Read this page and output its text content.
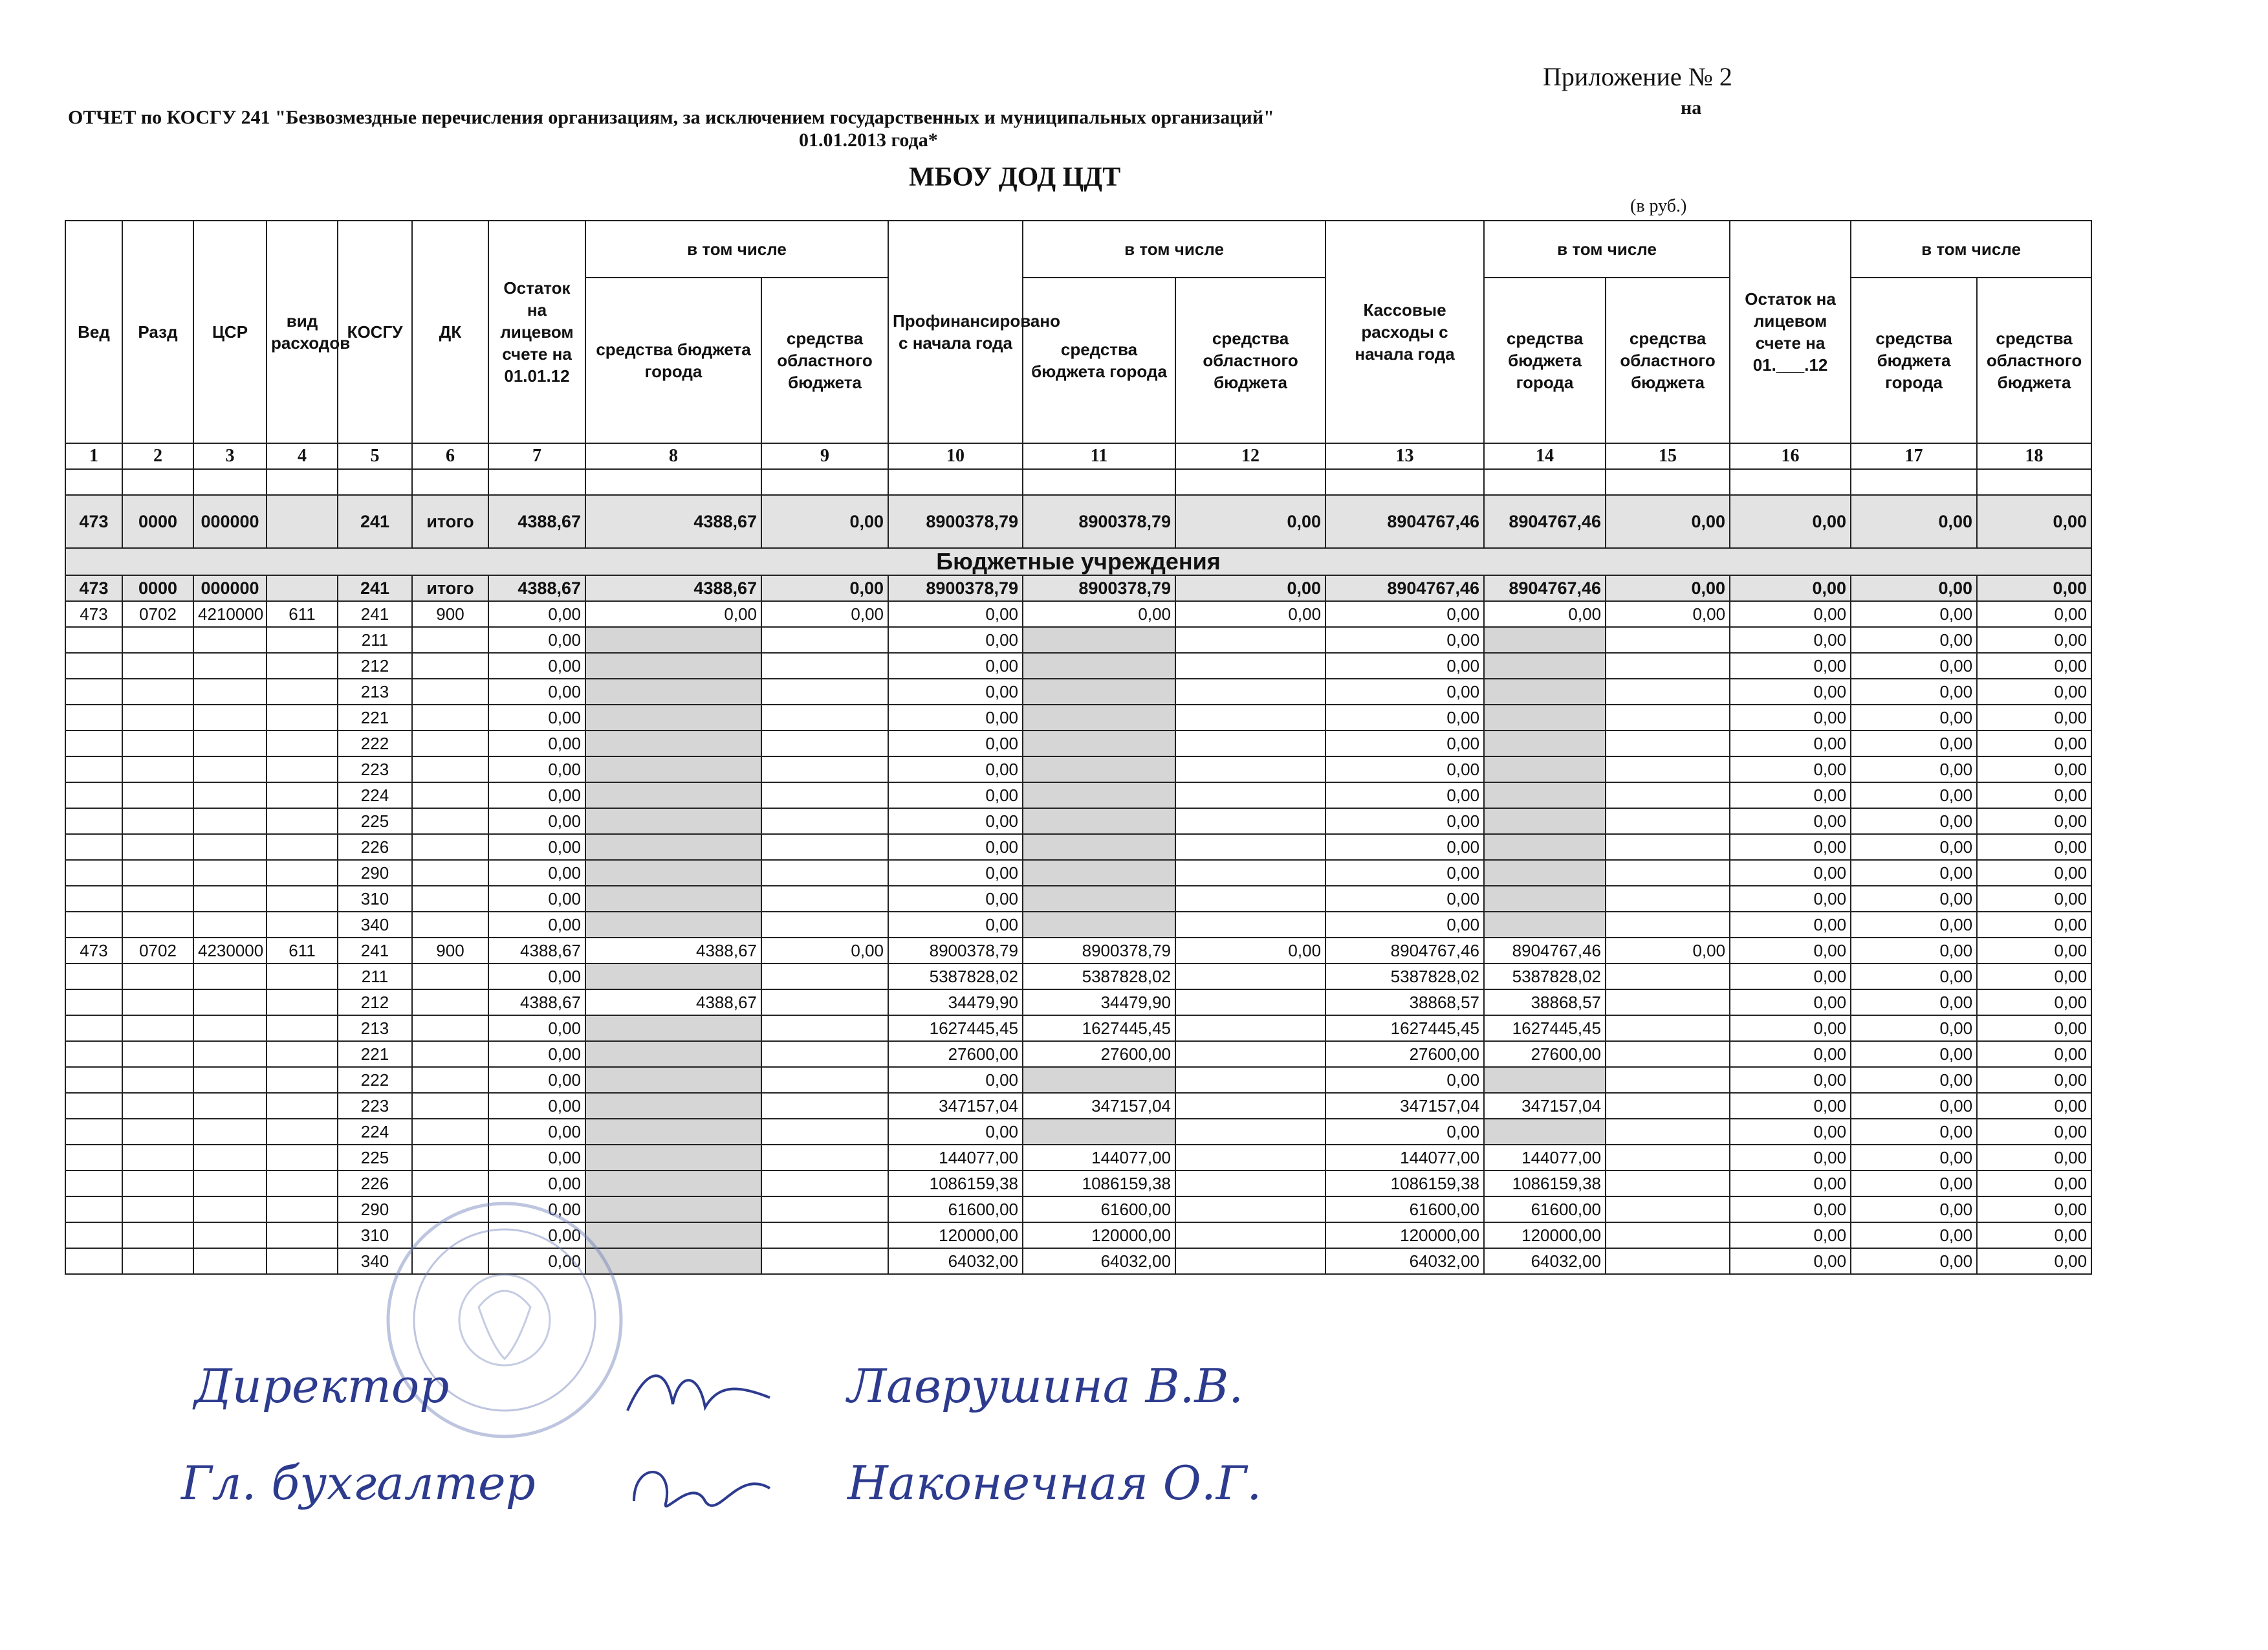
Приложение № 2
ОТЧЕТ по КОСГУ 241 "Безвозмездные перечисления организациям, за исключением государственных и муниципальных организаций"	на
01.01.2013 года*
МБОУ ДОД ЦДТ
(в руб.)
Вед	Разд	ЦСР	вид расходов	КОСГУ	ДК	Остаток на лицевом счете на 01.01.12	в том числе		Профинансировано с начала года	в том числе		Кассовые расходы с начала года	в том числе		Остаток на лицевом счете на 01.___.12	в том числе	
							средства бюджета города	средства областного бюджета		средства бюджета города	средства областного бюджета		средства бюджета города	средства областного бюджета		средства бюджета города	средства областного бюджета
1	2	3	4	5	6	7	8	9	10	11	12	13	14	15	16	17	18

473	0000	000000		241	итого	4388,67	4388,67	0,00	8900378,79	8900378,79	0,00	8904767,46	8904767,46	0,00	0,00	0,00	0,00
Бюджетные учреждения																	
473	0000	000000		241	итого	4388,67	4388,67	0,00	8900378,79	8900378,79	0,00	8904767,46	8904767,46	0,00	0,00	0,00	0,00
473	0702	4210000	611	241	900	0,00	0,00	0,00	0,00	0,00	0,00	0,00	0,00	0,00	0,00	0,00	0,00
				211		0,00			0,00			0,00			0,00	0,00	0,00
				212		0,00			0,00			0,00			0,00	0,00	0,00
				213		0,00			0,00			0,00			0,00	0,00	0,00
				221		0,00			0,00			0,00			0,00	0,00	0,00
				222		0,00			0,00			0,00			0,00	0,00	0,00
				223		0,00			0,00			0,00			0,00	0,00	0,00
				224		0,00			0,00			0,00			0,00	0,00	0,00
				225		0,00			0,00			0,00			0,00	0,00	0,00
				226		0,00			0,00			0,00			0,00	0,00	0,00
				290		0,00			0,00			0,00			0,00	0,00	0,00
				310		0,00			0,00			0,00			0,00	0,00	0,00
				340		0,00			0,00			0,00			0,00	0,00	0,00
473	0702	4230000	611	241	900	4388,67	4388,67	0,00	8900378,79	8900378,79	0,00	8904767,46	8904767,46	0,00	0,00	0,00	0,00
				211		0,00			5387828,02	5387828,02		5387828,02	5387828,02		0,00	0,00	0,00
				212		4388,67	4388,67		34479,90	34479,90		38868,57	38868,57		0,00	0,00	0,00
				213		0,00			1627445,45	1627445,45		1627445,45	1627445,45		0,00	0,00	0,00
				221		0,00			27600,00	27600,00		27600,00	27600,00		0,00	0,00	0,00
				222		0,00			0,00			0,00			0,00	0,00	0,00
				223		0,00			347157,04	347157,04		347157,04	347157,04		0,00	0,00	0,00
				224		0,00			0,00			0,00			0,00	0,00	0,00
				225		0,00			144077,00	144077,00		144077,00	144077,00		0,00	0,00	0,00
				226		0,00			1086159,38	1086159,38		1086159,38	1086159,38		0,00	0,00	0,00
				290		0,00			61600,00	61600,00		61600,00	61600,00		0,00	0,00	0,00
				310		0,00			120000,00	120000,00		120000,00	120000,00		0,00	0,00	0,00
				340		0,00			64032,00	64032,00		64032,00	64032,00		0,00	0,00	0,00
Директор	Лаврушина В.В.
Гл. бухгалтер	Наконечная О.Г.
